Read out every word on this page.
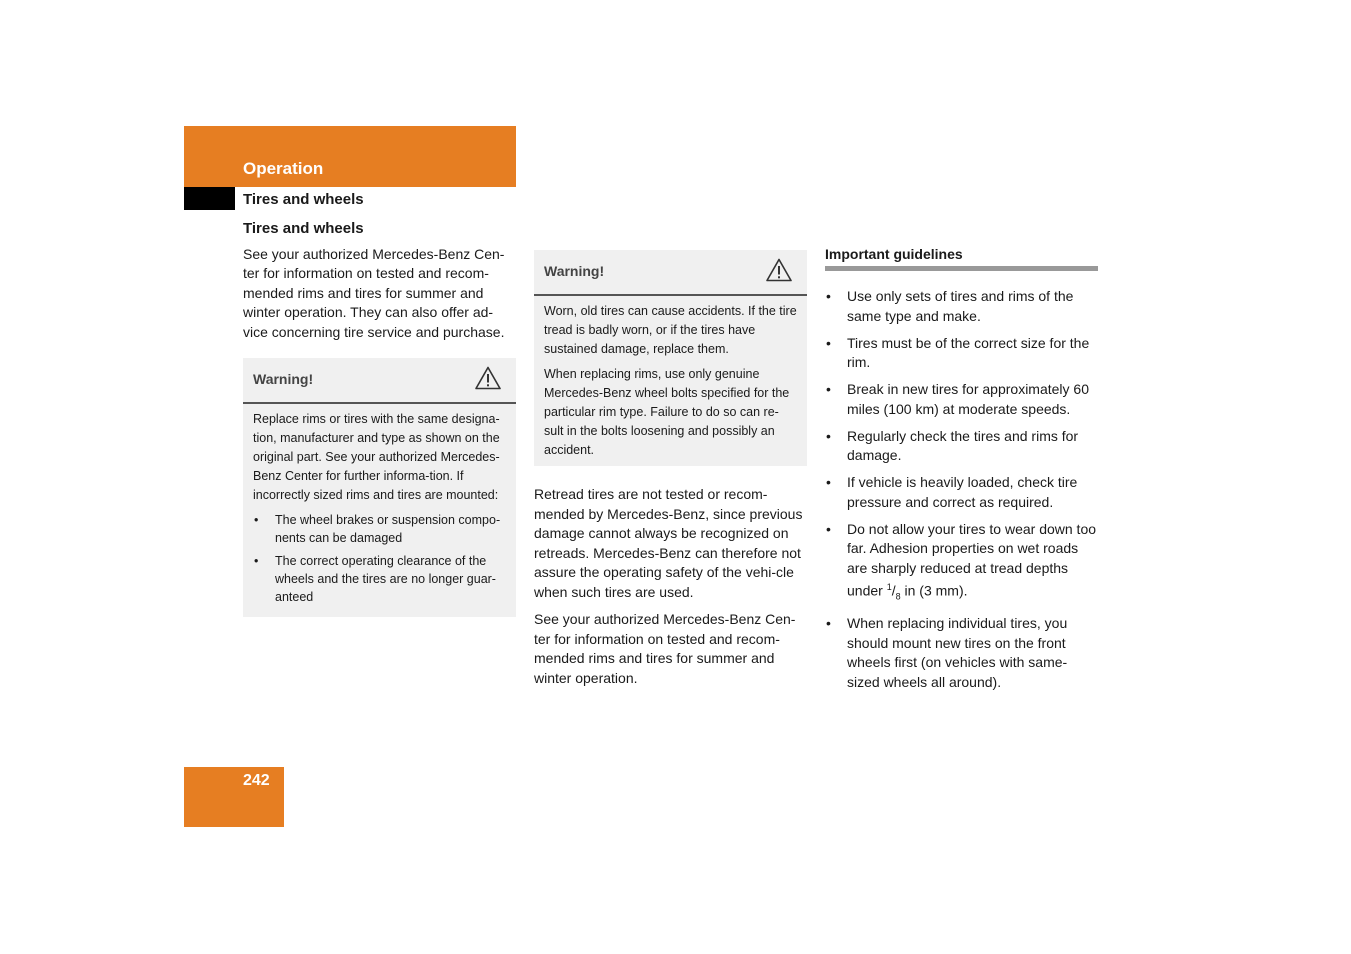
Operation
Tires and wheels
Tires and wheels

See your authorized Mercedes-Benz Cen-ter for information on tested and recom-mended rims and tires for summer and winter operation. They can also offer ad-vice concerning tire service and purchase.

Warning!

Replace rims or tires with the same designa-tion, manufacturer and type as shown on the original part. See your authorized Mercedes-Benz Center for further informa-tion. If incorrectly sized rims and tires are mounted:

• The wheel brakes or suspension compo-nents can be damaged
• The correct operating clearance of the wheels and the tires are no longer guar-anteed
Warning!

Worn, old tires can cause accidents. If the tire tread is badly worn, or if the tires have sustained damage, replace them.

When replacing rims, use only genuine Mercedes-Benz wheel bolts specified for the particular rim type. Failure to do so can re-sult in the bolts loosening and possibly an accident.

Retread tires are not tested or recom-mended by Mercedes-Benz, since previous damage cannot always be recognized on retreads. Mercedes-Benz can therefore not assure the operating safety of the vehi-cle when such tires are used.

See your authorized Mercedes-Benz Cen-ter for information on tested and recom-mended rims and tires for summer and winter operation.

Important guidelines
• Use only sets of tires and rims of the same type and make.
• Tires must be of the correct size for the rim.
• Break in new tires for approximately 60 miles (100 km) at moderate speeds.
• Regularly check the tires and rims for damage.
• If vehicle is heavily loaded, check tire pressure and correct as required.
• Do not allow your tires to wear down too far. Adhesion properties on wet roads are sharply reduced at tread depths under $^1/_8$ in (3 mm).
• When replacing individual tires, you should mount new tires on the front wheels first (on vehicles with same-sized wheels all around).
242
